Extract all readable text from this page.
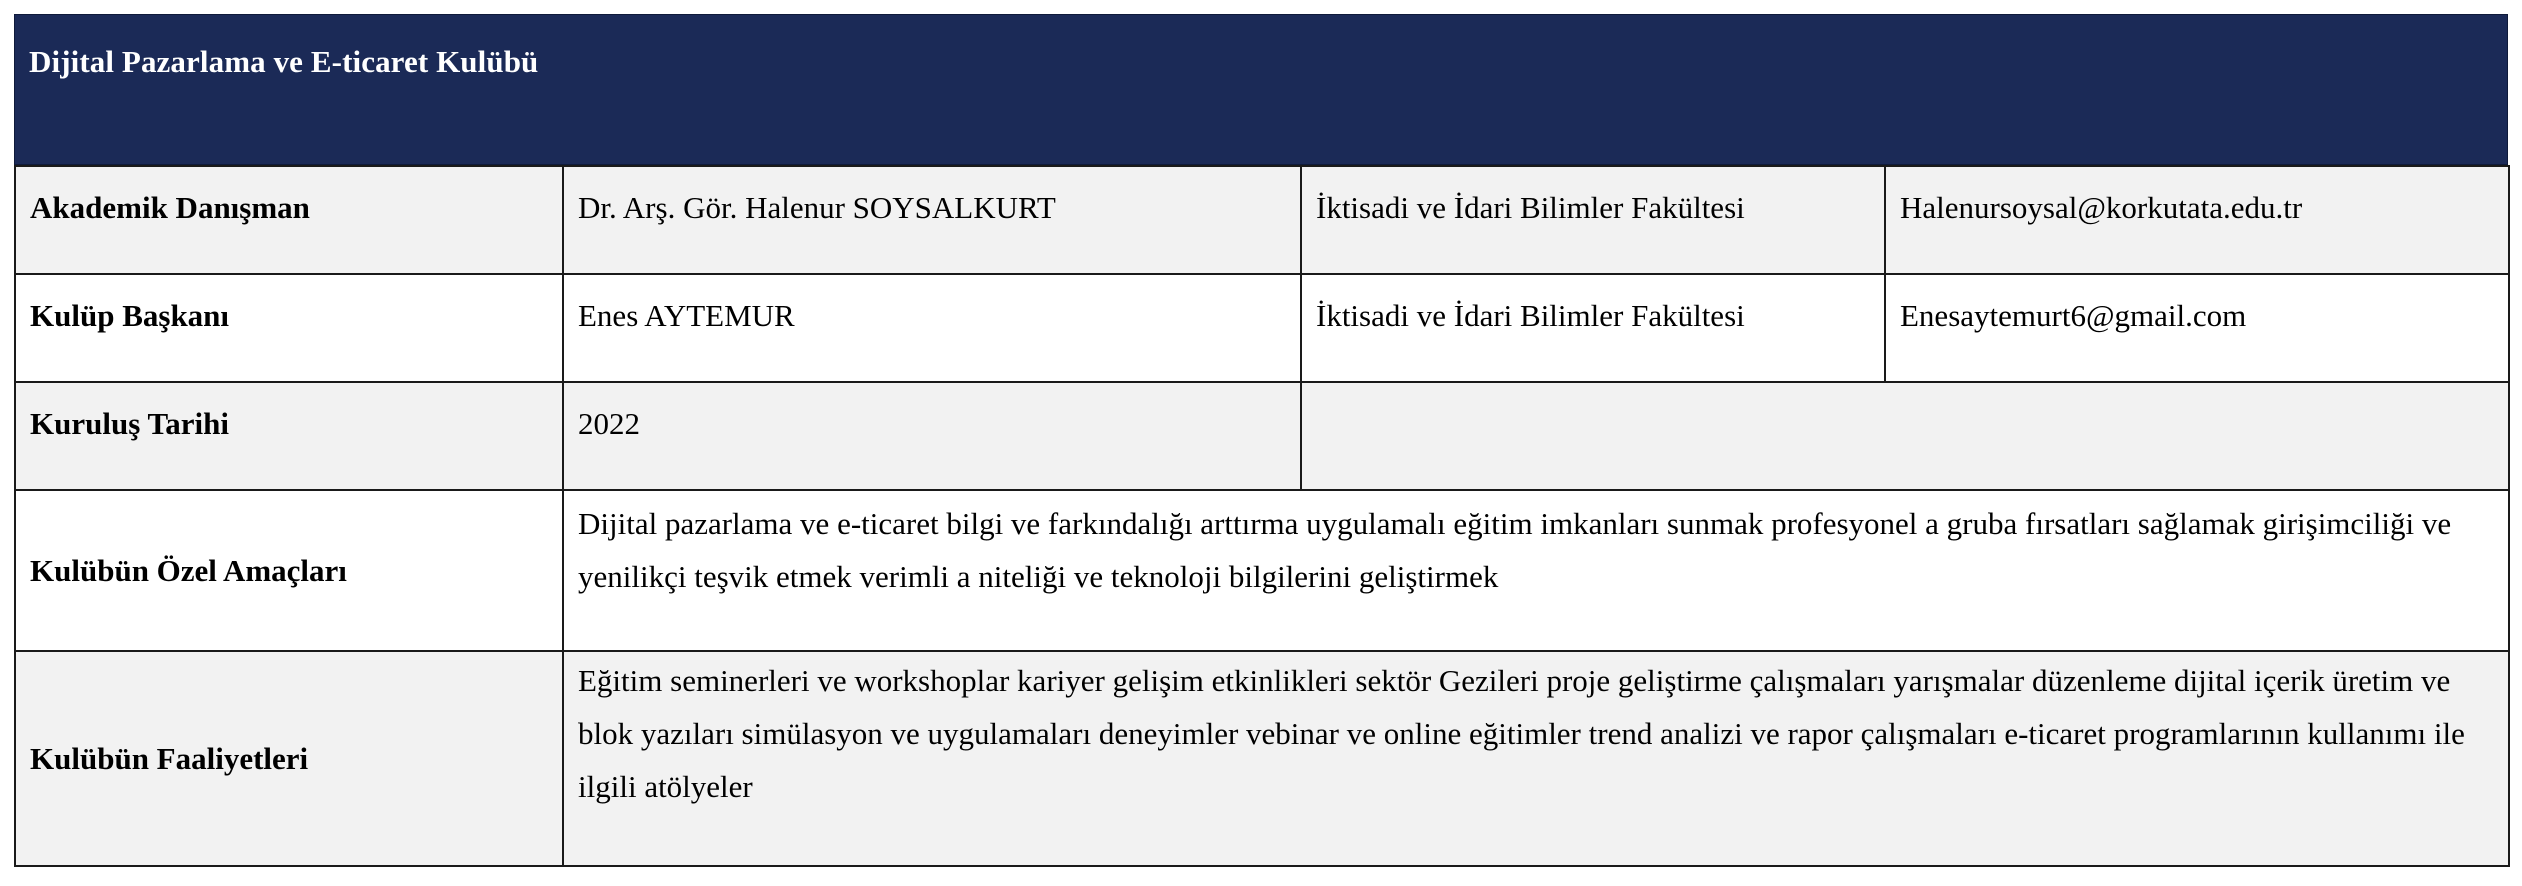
Dijital Pazarlama ve E-ticaret Kulübü
Akademik Danışman	Dr. Arş. Gör. Halenur SOYSALKURT	İktisadi ve İdari Bilimler Fakültesi	Halenursoysal@korkutata.edu.tr
Kulüp Başkanı	Enes AYTEMUR	İktisadi ve İdari Bilimler Fakültesi	Enesaytemurt6@gmail.com
Kuruluş Tarihi	2022		
Kulübün Özel Amaçları	Dijital pazarlama ve e-ticaret bilgi ve farkındalığı arttırma uygulamalı eğitim imkanları sunmak profesyonel a gruba fırsatları sağlamak girişimciliği ve yenilikçi teşvik etmek verimli a niteliği ve teknoloji bilgilerini geliştirmek		
Kulübün Faaliyetleri	Eğitim seminerleri ve workshoplar kariyer gelişim etkinlikleri sektör Gezileri proje geliştirme çalışmaları yarışmalar düzenleme dijital içerik üretim ve blok yazıları simülasyon ve uygulamaları deneyimler vebinar ve online eğitimler trend analizi ve rapor çalışmaları e-ticaret programlarının kullanımı ile ilgili atölyeler		
